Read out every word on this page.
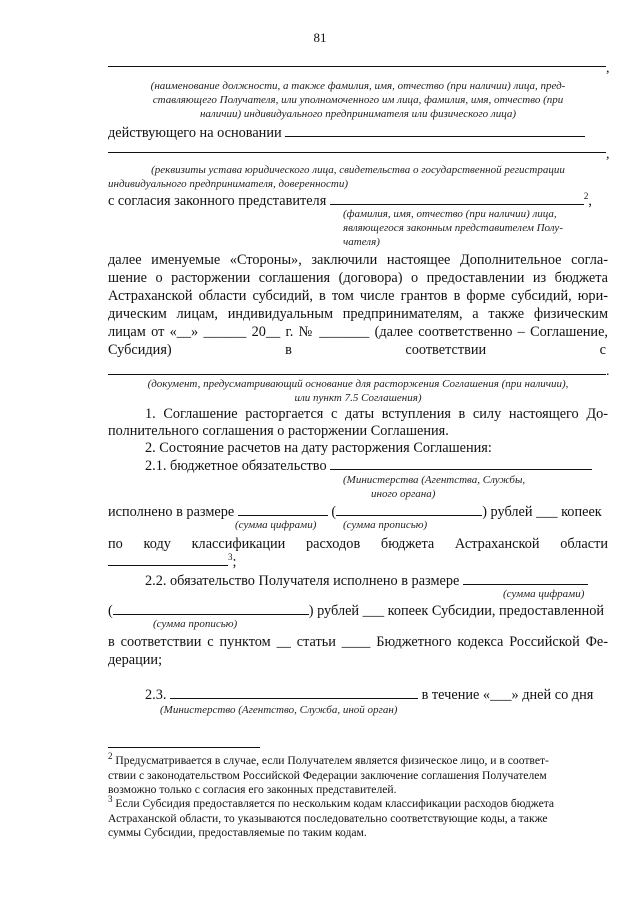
81
,
(наименование должности, а также фамилия, имя, отчество (при наличии) лица, пред-
ставляющего Получателя, или уполномоченного им лица, фамилия, имя, отчество (при
наличии) индивидуального предпринимателя или физического лица)
действующего на основании
,
(реквизиты устава юридического лица, свидетельства о государственной регистрации
индивидуального предпринимателя, доверенности)
с согласия законного представителя	$^2$,
(фамилия, имя, отчество (при наличии) лица,
являющегося законным представителем Полу-
чателя)
далее именуемые «Стороны», заключили настоящее Дополнительное согла-
шение о расторжении соглашения (договора) о предоставлении из бюджета
Астраханской области субсидий, в том числе грантов в форме субсидий, юри-
дическим лицам, индивидуальным предпринимателям, а также физическим
лицам от «__» ______ 20__ г. № _______ (далее соответственно – Соглашение,
Субсидия)	в	соответствии	с
.
(документ, предусматривающий основание для расторжения Соглашения (при наличии),
или пункт 7.5 Соглашения)
1. Соглашение расторгается с даты вступления в силу настоящего До-
полнительного соглашения о расторжении Соглашения.
2. Состояние расчетов на дату расторжения Соглашения:
2.1. бюджетное обязательство
(Министерства (Агентства, Службы,
иного органа)
исполнено в размере	(	) рублей ___ копеек
(сумма цифрами) (сумма прописью)
по коду классификации расходов бюджета Астраханской области
$^3$;
2.2. обязательство Получателя исполнено в размере
(сумма цифрами)
(	) рублей ___ копеек Субсидии, предоставленной
(сумма прописью)
в соответствии с пунктом __ статьи ____ Бюджетного кодекса Российской Фе-
дерации;
2.3.	в течение «___» дней со дня
(Министерство (Агентство, Служба, иной орган)
$^2$ Предусматривается в случае, если Получателем является физическое лицо, и в соответ-
ствии с законодательством Российской Федерации заключение соглашения Получателем
возможно только с согласия его законных представителей.
$^3$ Если Субсидия предоставляется по нескольким кодам классификации расходов бюджета
Астраханской области, то указываются последовательно соответствующие коды, а также
суммы Субсидии, предоставляемые по таким кодам.
